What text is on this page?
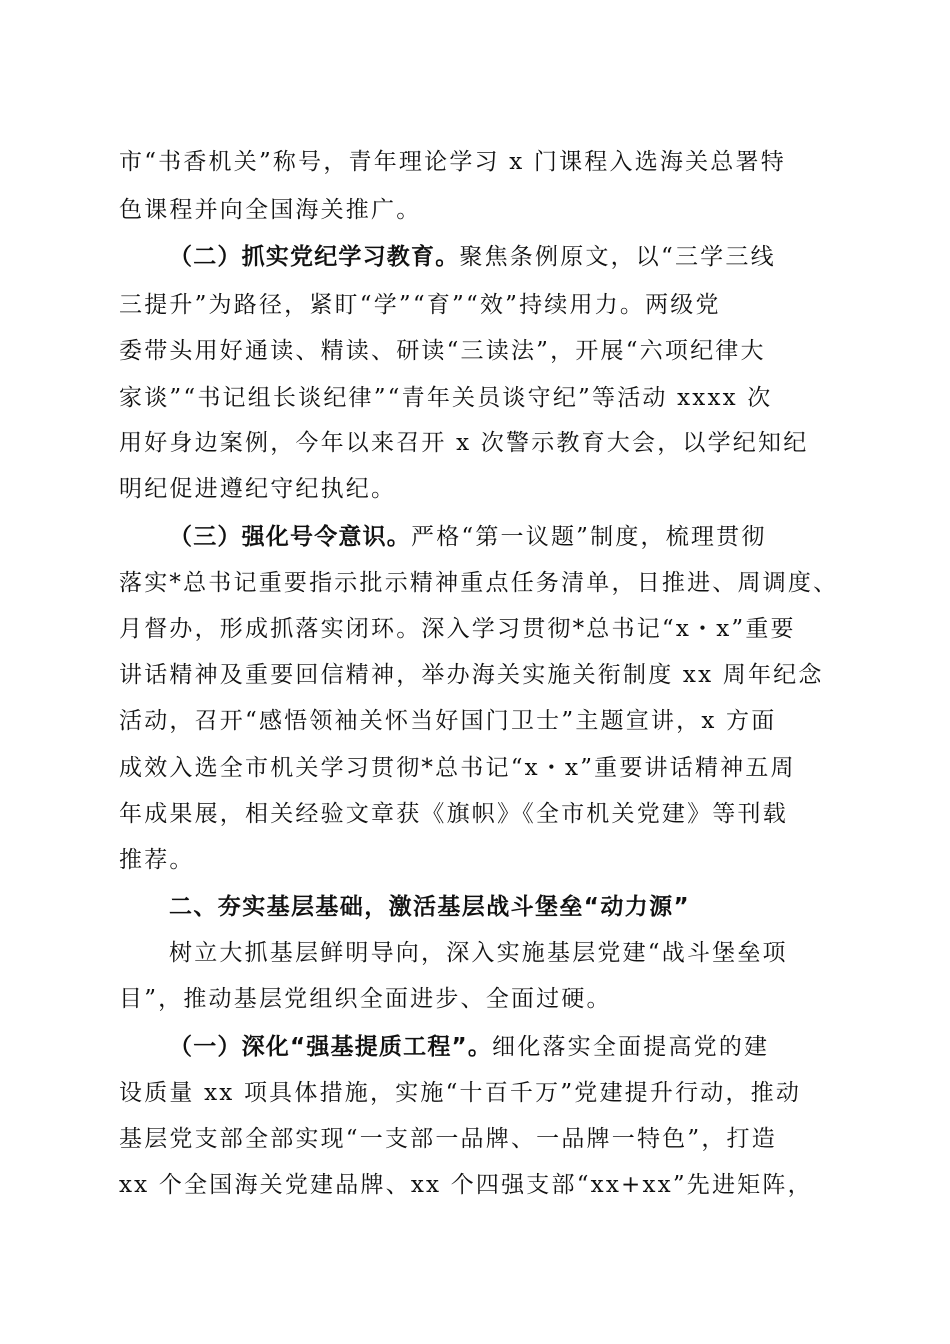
市“书香机关”称号，青年理论学习 x 门课程入选海关总署特
色课程并向全国海关推广。
（二）抓实党纪学习教育。聚焦条例原文，以“三学三线
三提升”为路径，紧盯“学”“育”“效”持续用力。两级党
委带头用好通读、精读、研读“三读法”，开展“六项纪律大
家谈”“书记组长谈纪律”“青年关员谈守纪”等活动 xxxx 次
用好身边案例，今年以来召开 x 次警示教育大会，以学纪知纪
明纪促进遵纪守纪执纪。
（三）强化号令意识。严格“第一议题”制度，梳理贯彻
落实*总书记重要指示批示精神重点任务清单，日推进、周调度、
月督办，形成抓落实闭环。深入学习贯彻*总书记“x・x”重要
讲话精神及重要回信精神，举办海关实施关衔制度 xx 周年纪念
活动，召开“感悟领袖关怀当好国门卫士”主题宣讲，x 方面
成效入选全市机关学习贯彻*总书记“x・x”重要讲话精神五周
年成果展，相关经验文章获《旗帜》《全市机关党建》等刊载
推荐。
二、夯实基层基础，激活基层战斗堡垒“动力源”
树立大抓基层鲜明导向，深入实施基层党建“战斗堡垒项
目”，推动基层党组织全面进步、全面过硬。
（一）深化“强基提质工程”。细化落实全面提高党的建
设质量 xx 项具体措施，实施“十百千万”党建提升行动，推动
基层党支部全部实现“一支部一品牌、一品牌一特色”，打造
xx 个全国海关党建品牌、xx 个四强支部“xx+xx”先进矩阵，
